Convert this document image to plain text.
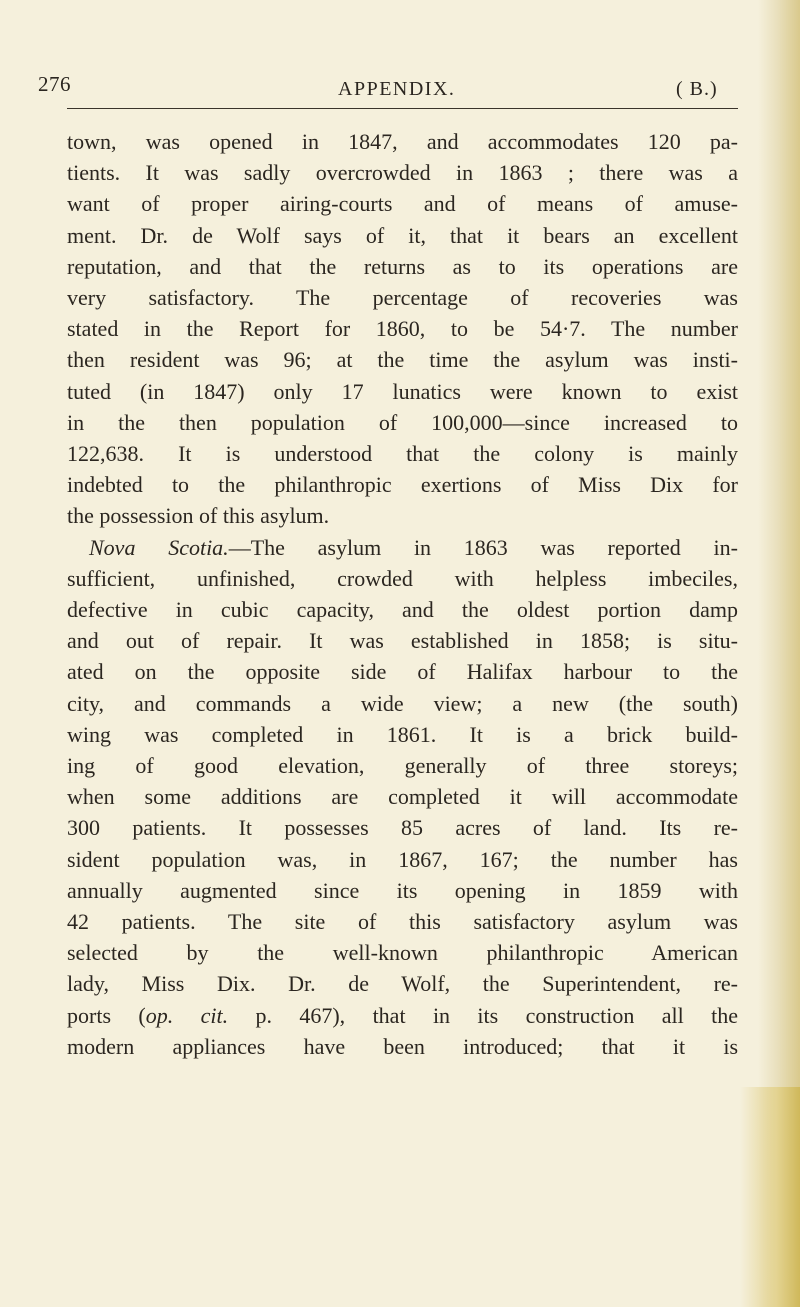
276	APPENDIX.	( B.)
town, was opened in 1847, and accommodates 120 pa-
tients. It was sadly overcrowded in 1863 ; there was a
want of proper airing-courts and of means of amuse-
ment. Dr. de Wolf says of it, that it bears an excellent
reputation, and that the returns as to its operations are
very satisfactory. The percentage of recoveries was
stated in the Report for 1860, to be 54·7. The number
then resident was 96; at the time the asylum was insti-
tuted (in 1847) only 17 lunatics were known to exist
in the then population of 100,000—since increased to
122,638. It is understood that the colony is mainly
indebted to the philanthropic exertions of Miss Dix for
the possession of this asylum.
Nova Scotia.—The asylum in 1863 was reported in-
sufficient, unfinished, crowded with helpless imbeciles,
defective in cubic capacity, and the oldest portion damp
and out of repair. It was established in 1858; is situ-
ated on the opposite side of Halifax harbour to the
city, and commands a wide view; a new (the south)
wing was completed in 1861. It is a brick build-
ing of good elevation, generally of three storeys;
when some additions are completed it will accommodate
300 patients. It possesses 85 acres of land. Its re-
sident population was, in 1867, 167; the number has
annually augmented since its opening in 1859 with
42 patients. The site of this satisfactory asylum was
selected by the well-known philanthropic American
lady, Miss Dix. Dr. de Wolf, the Superintendent, re-
ports (op. cit. p. 467), that in its construction all the
modern appliances have been introduced; that it is
